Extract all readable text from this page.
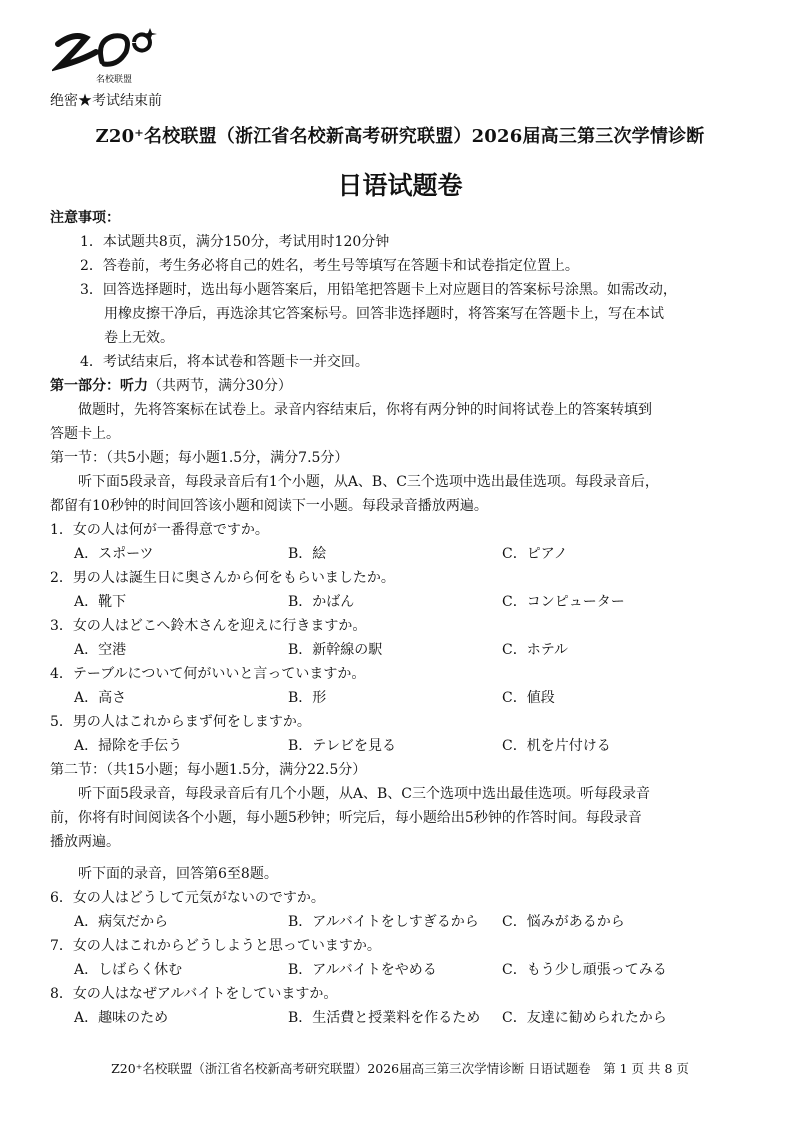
名校联盟
绝密★考试结束前
Z20⁺名校联盟（浙江省名校新高考研究联盟）2026届高三第三次学情诊断
日语试题卷
注意事项：
1．本试题共8页，满分150分，考试用时120分钟
2．答卷前，考生务必将自己的姓名，考生号等填写在答题卡和试卷指定位置上。
3．回答选择题时，选出每小题答案后，用铅笔把答题卡上对应题目的答案标号涂黑。如需改动，
用橡皮擦干净后，再选涂其它答案标号。回答非选择题时，将答案写在答题卡上，写在本试
卷上无效。
4．考试结束后，将本试卷和答题卡一并交回。
第一部分：听力（共两节，满分30分）
做题时，先将答案标在试卷上。录音内容结束后，你将有两分钟的时间将试卷上的答案转填到
答题卡上。
第一节：（共5小题；每小题1.5分，满分7.5分）
听下面5段录音，每段录音后有1个小题，从A、B、C三个选项中选出最佳选项。每段录音后，
都留有10秒钟的时间回答该小题和阅读下一小题。每段录音播放两遍。
1．女の人は何が一番得意ですか。
A．スポーツ	B．絵	C．ピアノ
2．男の人は誕生日に奥さんから何をもらいましたか。
A．靴下	B．かばん	C．コンピューター
3．女の人はどこへ鈴木さんを迎えに行きますか。
A．空港	B．新幹線の駅	C．ホテル
4．テーブルについて何がいいと言っていますか。
A．高さ	B．形	C．値段
5．男の人はこれからまず何をしますか。
A．掃除を手伝う	B．テレビを見る	C．机を片付ける
第二节：（共15小题；每小题1.5分，满分22.5分）
听下面5段录音，每段录音后有几个小题，从A、B、C三个选项中选出最佳选项。听每段录音
前，你将有时间阅读各个小题，每小题5秒钟；听完后，每小题给出5秒钟的作答时间。每段录音
播放两遍。
听下面的录音，回答第6至8题。
6．女の人はどうして元気がないのですか。
A．病気だから	B．アルバイトをしすぎるから	C．悩みがあるから
7．女の人はこれからどうしようと思っていますか。
A．しばらく休む	B．アルバイトをやめる	C．もう少し頑張ってみる
8．女の人はなぜアルバイトをしていますか。
A．趣味のため	B．生活費と授業料を作るため	C．友達に勧められたから
Z20⁺名校联盟（浙江省名校新高考研究联盟）2026届高三第三次学情诊断 日语试题卷　第 1 页 共 8 页
